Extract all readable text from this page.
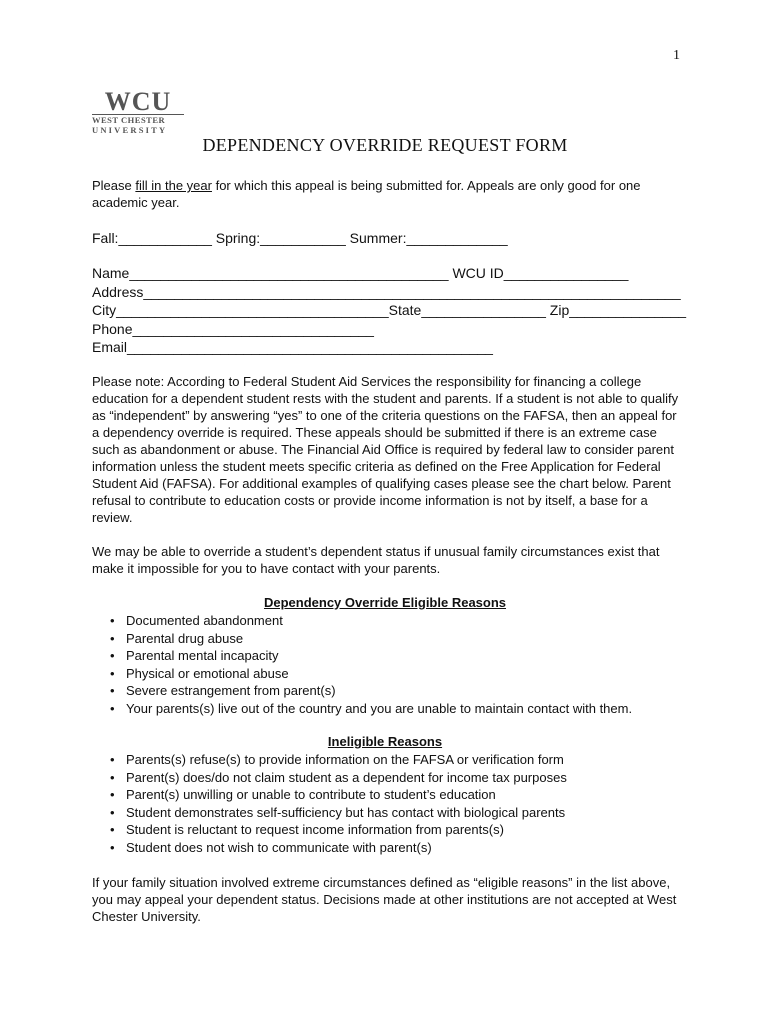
1
WCU
WEST CHESTER
UNIVERSITY
DEPENDENCY OVERRIDE REQUEST FORM
Please fill in the year for which this appeal is being submitted for. Appeals are only good for one academic year.
Fall:____________ Spring:___________ Summer:_____________
Name_________________________________________ WCU ID________________
Address_____________________________________________________________________
City___________________________________State________________ Zip_______________
Phone_______________________________
Email_______________________________________________
Please note: According to Federal Student Aid Services the responsibility for financing a college education for a dependent student rests with the student and parents. If a student is not able to qualify as “independent” by answering “yes” to one of the criteria questions on the FAFSA, then an appeal for a dependency override is required. These appeals should be submitted if there is an extreme case such as abandonment or abuse. The Financial Aid Office is required by federal law to consider parent information unless the student meets specific criteria as defined on the Free Application for Federal Student Aid (FAFSA). For additional examples of qualifying cases please see the chart below. Parent refusal to contribute to education costs or provide income information is not by itself, a base for a review.
We may be able to override a student’s dependent status if unusual family circumstances exist that make it impossible for you to have contact with your parents.
Dependency Override Eligible Reasons
• Documented abandonment
• Parental drug abuse
• Parental mental incapacity
• Physical or emotional abuse
• Severe estrangement from parent(s)
• Your parents(s) live out of the country and you are unable to maintain contact with them.
Ineligible Reasons
• Parents(s) refuse(s) to provide information on the FAFSA or verification form
• Parent(s) does/do not claim student as a dependent for income tax purposes
• Parent(s) unwilling or unable to contribute to student’s education
• Student demonstrates self-sufficiency but has contact with biological parents
• Student is reluctant to request income information from parents(s)
• Student does not wish to communicate with parent(s)
If your family situation involved extreme circumstances defined as “eligible reasons” in the list above, you may appeal your dependent status. Decisions made at other institutions are not accepted at West Chester University.
